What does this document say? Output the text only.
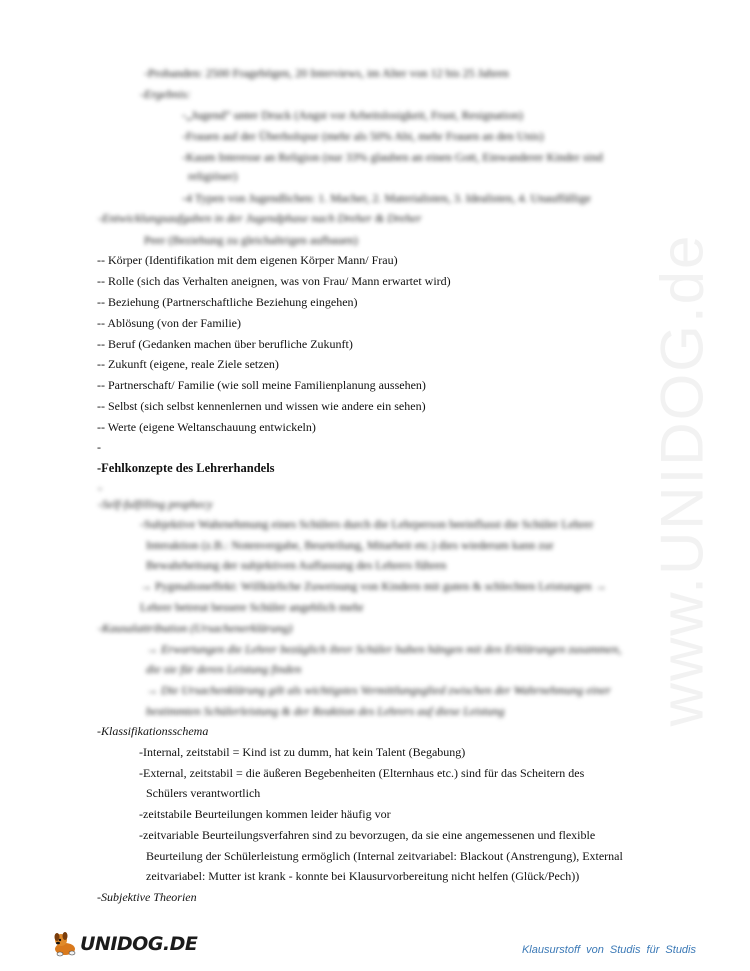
www.UNIDOG.de
-Probanden: 2500 Fragebögen, 20 Interviews, im Alter von 12 bis 25 Jahren
-Ergebnis:
-„Jugend“ unter Druck (Angst vor Arbeitslosigkeit, Frust, Resignation)
-Frauen auf der Überholspur (mehr als 50% Abi, mehr Frauen an den Unis)
-Kaum Interesse an Religion (nur 33% glauben an einen Gott, Einwanderer Kinder sind
religiöser)
-4 Typen von Jugendlichen: 1. Macher, 2. Materialisten, 3. Idealisten, 4. Unauffällige
-Entwicklungsaufgaben in der Jugendphase nach Dreher & Dreher
Peer (Beziehung zu gleichaltrigen aufbauen)
-- Körper (Identifikation mit dem eigenen Körper Mann/ Frau)
-- Rolle (sich das Verhalten aneignen, was von Frau/ Mann erwartet wird)
-- Beziehung (Partnerschaftliche Beziehung eingehen)
-- Ablösung (von der Familie)
-- Beruf (Gedanken machen über berufliche Zukunft)
-- Zukunft (eigene, reale Ziele setzen)
-- Partnerschaft/ Familie (wie soll meine Familienplanung aussehen)
-- Selbst (sich selbst kennenlernen und wissen wie andere ein sehen)
-- Werte (eigene Weltanschauung entwickeln)
-
-Fehlkonzepte des Lehrerhandels
-
-Self-fulfilling prophecy
-Subjektive Wahrnehmung eines Schülers durch die Lehrperson beeinflusst die Schüler Lehrer
Interaktion (z.B.: Notenvergabe, Beurteilung, Mitarbeit etc.) dies wiederum kann zur
Bewahrheitung der subjektiven Auffassung des Lehrers führen
→ Pygmalioneffekt: Willkürliche Zuweisung von Kindern mit guten & schlechten Leistungen →
Lehrer betreut bessere Schüler angeblich mehr
-Kausalattribution (Ursachenerklärung)
→ Erwartungen die Lehrer bezüglich ihrer Schüler haben hängen mit den Erklärungen zusammen,
die sie für deren Leistung finden
→ Die Ursachenklärung gilt als wichtigstes Vermittlungsglied zwischen der Wahrnehmung einer
bestimmten Schülerleistung & der Reaktion des Lehrers auf diese Leistung
-Klassifikationsschema
-Internal, zeitstabil = Kind ist zu dumm, hat kein Talent (Begabung)
-External, zeitstabil = die äußeren Begebenheiten (Elternhaus etc.) sind für das Scheitern des
Schülers verantwortlich
-zeitstabile Beurteilungen kommen leider häufig vor
-zeitvariable Beurteilungsverfahren sind zu bevorzugen, da sie eine angemessenen und flexible
Beurteilung der Schülerleistung ermöglich (Internal zeitvariabel: Blackout (Anstrengung), External
zeitvariabel: Mutter ist krank - konnte bei Klausurvorbereitung nicht helfen (Glück/Pech))
-Subjektive Theorien
UNIDOG.DE	Klausurstoff von Studis für Studis
